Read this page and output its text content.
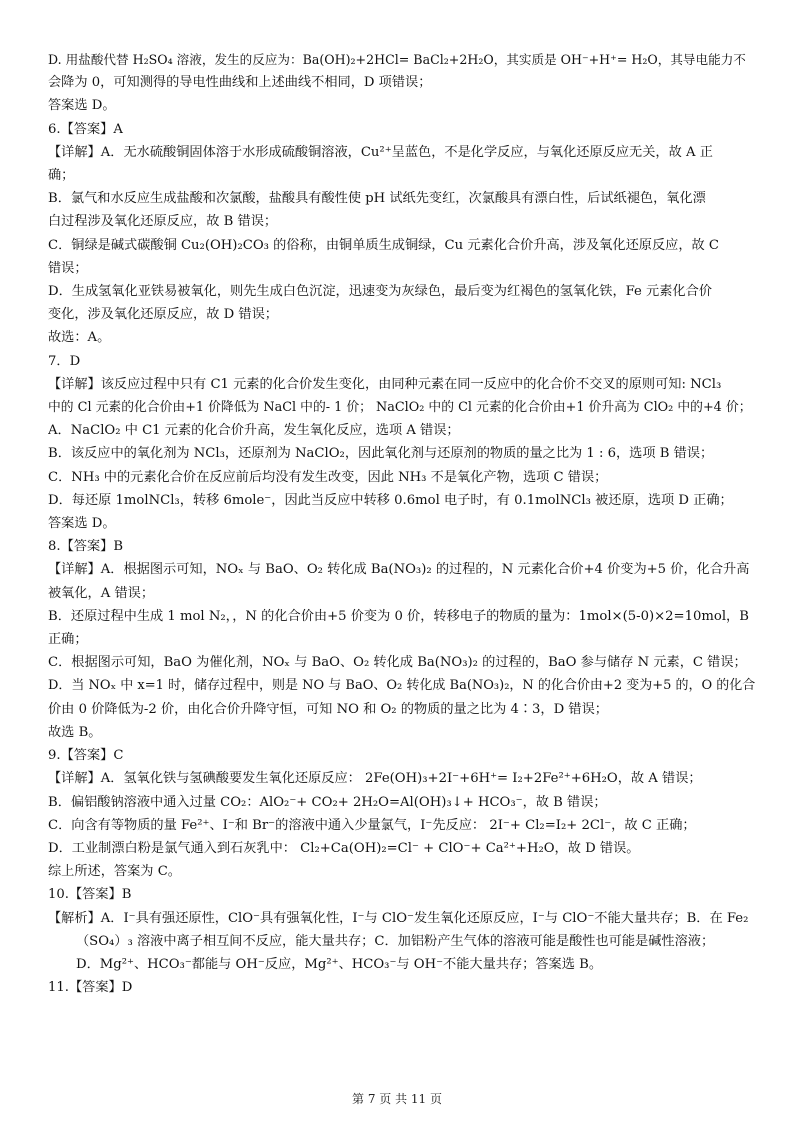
D. 用盐酸代替 H₂SO₄ 溶液，发生的反应为：Ba(OH)₂+2HCl= BaCl₂+2H₂O，其实质是 OH⁻+H⁺= H₂O，其导电能力不
会降为 0，可知测得的导电性曲线和上述曲线不相同，D 项错误；
答案选 D。
6.【答案】A
【详解】A．无水硫酸铜固体溶于水形成硫酸铜溶液，Cu²⁺呈蓝色，不是化学反应，与氧化还原反应无关，故 A 正
确；
B．氯气和水反应生成盐酸和次氯酸，盐酸具有酸性使 pH 试纸先变红，次氯酸具有漂白性，后试纸褪色，氧化漂
白过程涉及氧化还原反应，故 B 错误；
C．铜绿是碱式碳酸铜 Cu₂(OH)₂CO₃ 的俗称，由铜单质生成铜绿，Cu 元素化合价升高，涉及氧化还原反应，故 C
错误；
D．生成氢氧化亚铁易被氧化，则先生成白色沉淀，迅速变为灰绿色，最后变为红褐色的氢氧化铁，Fe 元素化合价
变化，涉及氧化还原反应，故 D 错误；
故选：A。
7．D
【详解】该反应过程中只有 C1 元素的化合价发生变化，由同种元素在同一反应中的化合价不交叉的原则可知: NCl₃
中的 Cl 元素的化合价由+1 价降低为 NaCl 中的- 1 价； NaClO₂ 中的 Cl 元素的化合价由+1 价升高为 ClO₂ 中的+4 价；
A．NaClO₂ 中 C1 元素的化合价升高，发生氧化反应，选项 A 错误；
B．该反应中的氧化剂为 NCl₃，还原剂为 NaClO₂，因此氧化剂与还原剂的物质的量之比为 1 : 6，选项 B 错误；
C．NH₃ 中的元素化合价在反应前后均没有发生改变，因此 NH₃ 不是氧化产物，选项 C 错误；
D．每还原 1molNCl₃，转移 6mole⁻，因此当反应中转移 0.6mol 电子时，有 0.1molNCl₃ 被还原，选项 D 正确；
答案选 D。
8.【答案】B
【详解】A．根据图示可知，NOₓ 与 BaO、O₂ 转化成 Ba(NO₃)₂ 的过程的，N 元素化合价+4 价变为+5 价，化合升高
被氧化，A 错误；
B．还原过程中生成 1 mol N₂，，N 的化合价由+5 价变为 0 价，转移电子的物质的量为：1mol×(5-0)×2=10mol，B
正确；
C．根据图示可知，BaO 为催化剂，NOₓ 与 BaO、O₂ 转化成 Ba(NO₃)₂ 的过程的，BaO 参与储存 N 元素，C 错误；
D．当 NOₓ 中 x=1 时，储存过程中，则是 NO 与 BaO、O₂ 转化成 Ba(NO₃)₂，N 的化合价由+2 变为+5 的，O 的化合
价由 0 价降低为-2 价，由化合价升降守恒，可知 NO 和 O₂ 的物质的量之比为 4∶3，D 错误；
故选 B。
9.【答案】C
【详解】A．氢氧化铁与氢碘酸要发生氧化还原反应： 2Fe(OH)₃+2I⁻+6H⁺= I₂+2Fe²⁺+6H₂O，故 A 错误；
B．偏铝酸钠溶液中通入过量 CO₂：AlO₂⁻+ CO₂+ 2H₂O=Al(OH)₃↓+ HCO₃⁻，故 B 错误；
C．向含有等物质的量 Fe²⁺、I⁻和 Br⁻的溶液中通入少量氯气，I⁻先反应： 2I⁻+ Cl₂=I₂+ 2Cl⁻，故 C 正确；
D．工业制漂白粉是氯气通入到石灰乳中： Cl₂+Ca(OH)₂=Cl⁻ + ClO⁻+ Ca²⁺+H₂O，故 D 错误。
综上所述，答案为 C。
10.【答案】B
【解析】A．I⁻具有强还原性，ClO⁻具有强氧化性，I⁻与 ClO⁻发生氧化还原反应，I⁻与 ClO⁻不能大量共存；B．在 Fe₂
（SO₄）₃ 溶液中离子相互间不反应，能大量共存；C．加铝粉产生气体的溶液可能是酸性也可能是碱性溶液；
D．Mg²⁺、HCO₃⁻都能与 OH⁻反应，Mg²⁺、HCO₃⁻与 OH⁻不能大量共存；答案选 B。
11.【答案】D
第 7 页 共 11 页
